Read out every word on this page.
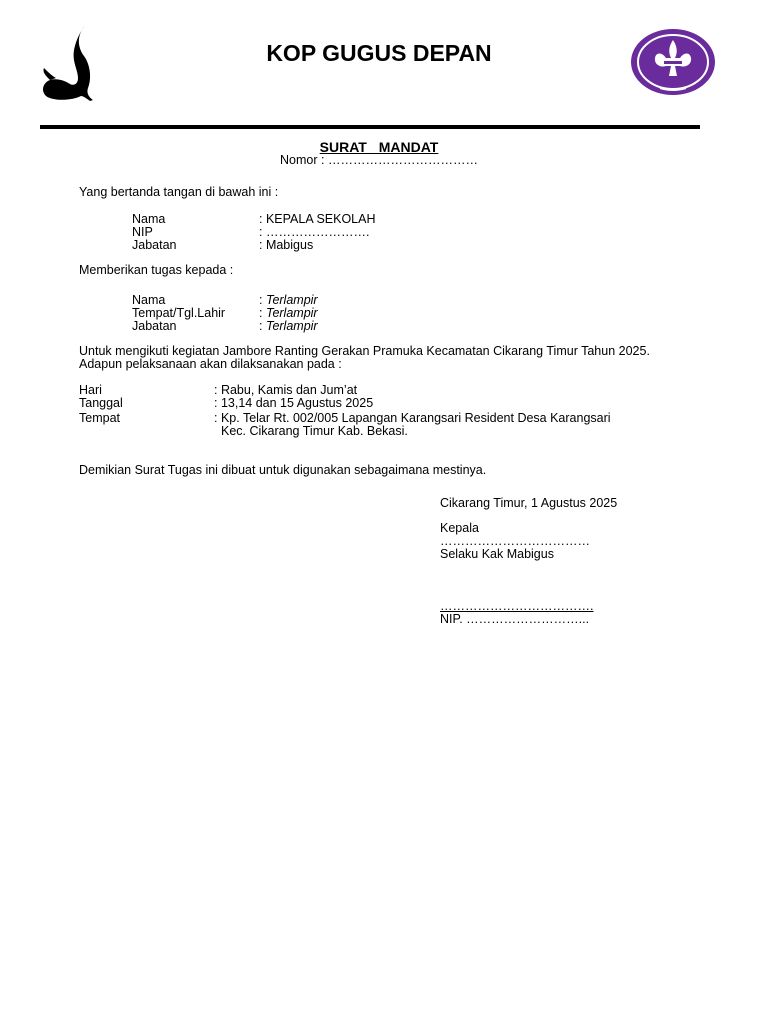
KOP GUGUS DEPAN
SURAT MANDAT
Nomor : ………………………………
Yang bertanda tangan di bawah ini :
Nama	: KEPALA SEKOLAH
NIP	: …………………….
Jabatan	: Mabigus
Memberikan tugas kepada :
Nama	: Terlampir
Tempat/Tgl.Lahir	: Terlampir
Jabatan	: Terlampir
Untuk mengikuti kegiatan Jambore Ranting Gerakan Pramuka Kecamatan Cikarang Timur Tahun 2025.
Adapun pelaksanaan akan dilaksanakan pada :
Hari	: Rabu, Kamis dan Jum’at
Tanggal	: 13,14 dan 15 Agustus 2025
Tempat	: Kp. Telar Rt. 002/005 Lapangan Karangsari Resident Desa Karangsari
Kec. Cikarang Timur Kab. Bekasi.
Demikian Surat Tugas ini dibuat untuk digunakan sebagaimana mestinya.
Cikarang Timur, 1 Agustus 2025
Kepala
………………………………
Selaku Kak Mabigus
……………………………….
NIP. ………………………...
